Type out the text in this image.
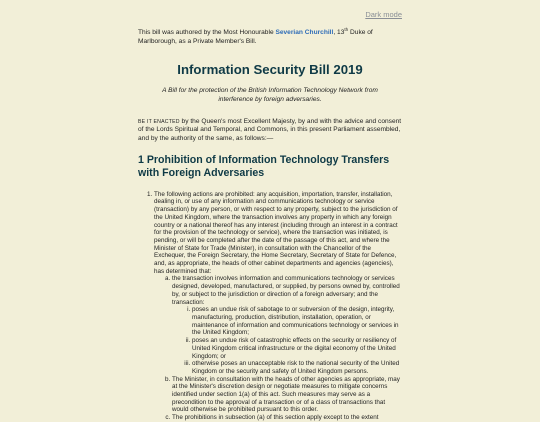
Dark mode

This bill was authored by the Most Honourable Severian Churchill, 13th Duke of Marlborough, as a Private Member's Bill.

Information Security Bill 2019

A Bill for the protection of the British Information Technology Network from interference by foreign adversaries.

BE IT ENACTED by the Queen's most Excellent Majesty, by and with the advice and consent of the Lords Spiritual and Temporal, and Commons, in this present Parliament assembled, and by the authority of the same, as follows:—

1 Prohibition of Information Technology Transfers with Foreign Adversaries
1. The following actions are prohibited: any acquisition, importation, transfer, installation, dealing in, or use of any information and communications technology or service (transaction) by any person, or with respect to any property, subject to the jurisdiction of the United Kingdom, where the transaction involves any property in which any foreign country or a national thereof has any interest (including through an interest in a contract for the provision of the technology or service), where the transaction was initiated, is pending, or will be completed after the date of the passage of this act, and where the Minister of State for Trade (Minister), in consultation with the Chancellor of the Exchequer, the Foreign Secretary, the Home Secretary, Secretary of State for Defence, and, as appropriate, the heads of other cabinet departments and agencies (agencies), has determined that:
a. the transaction involves information and communications technology or services designed, developed, manufactured, or supplied, by persons owned by, controlled by, or subject to the jurisdiction or direction of a foreign adversary; and the transaction:
i. poses an undue risk of sabotage to or subversion of the design, integrity, manufacturing, production, distribution, installation, operation, or maintenance of information and communications technology or services in the United Kingdom;
ii. poses an undue risk of catastrophic effects on the security or resiliency of United Kingdom critical infrastructure or the digital economy of the United Kingdom; or
iii. otherwise poses an unacceptable risk to the national security of the United Kingdom or the security and safety of United Kingdom persons.
b. The Minister, in consultation with the heads of other agencies as appropriate, may at the Minister's discretion design or negotiate measures to mitigate concerns identified under section 1(a) of this act. Such measures may serve as a precondition to the approval of a transaction or of a class of transactions that would otherwise be prohibited pursuant to this order.
c. The prohibitions in subsection (a) of this section apply except to the extent
